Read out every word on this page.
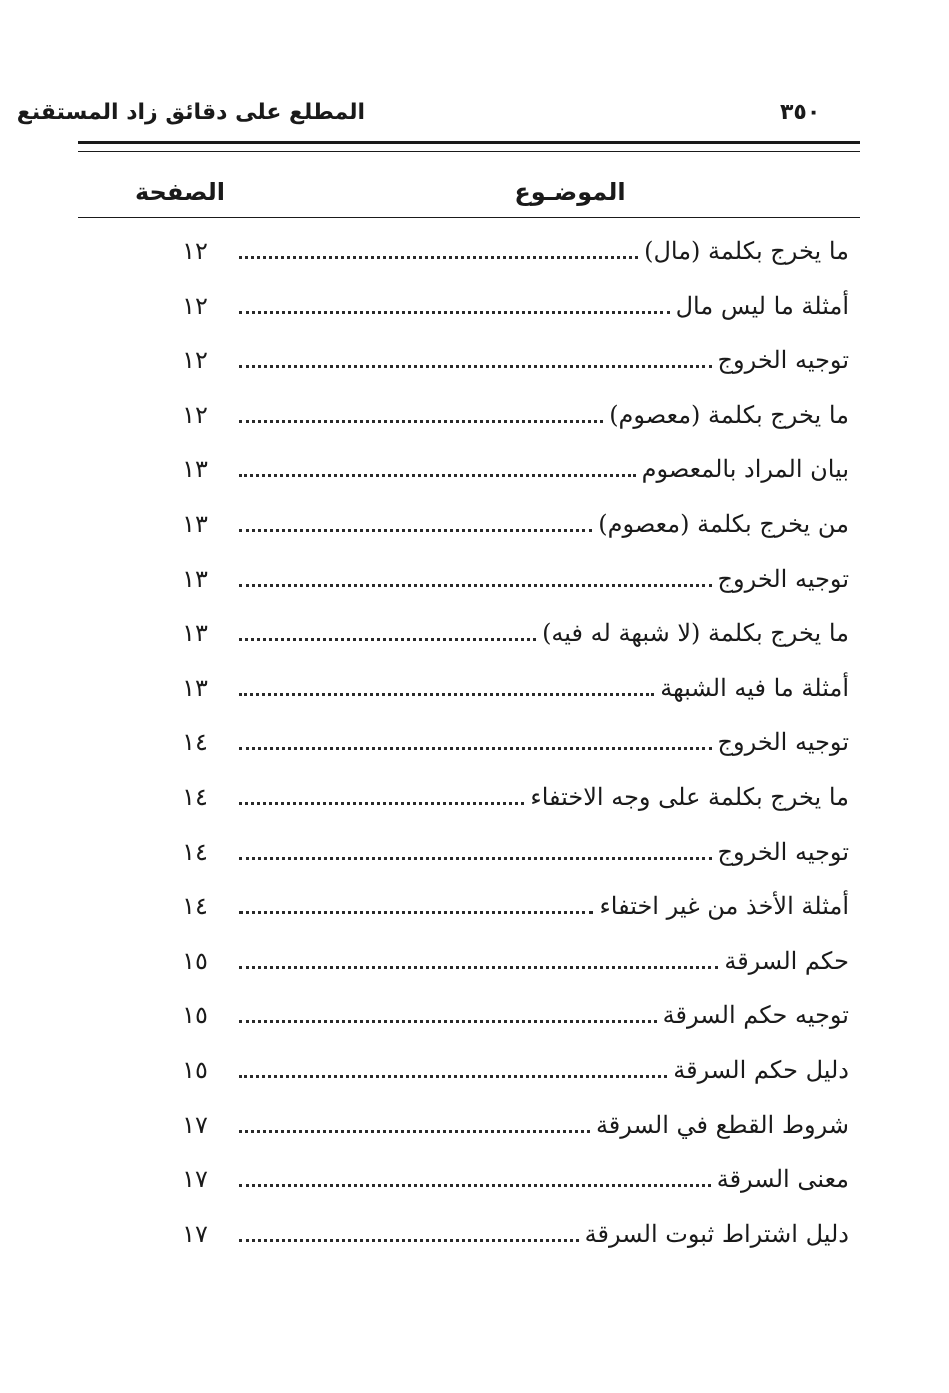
المطلع على دقائق زاد المستقنع	٣٥٠
الموضـوع
الصفحة
ما يخرج بكلمة (مال)
١٢
أمثلة ما ليس مال
١٢
توجيه الخروج
١٢
ما يخرج بكلمة (معصوم)
١٢
بيان المراد بالمعصوم
١٣
من يخرج بكلمة (معصوم)
١٣
توجيه الخروج
١٣
ما يخرج بكلمة (لا شبهة له فيه)
١٣
أمثلة ما فيه الشبهة
١٣
توجيه الخروج
١٤
ما يخرج بكلمة على وجه الاختفاء
١٤
توجيه الخروج
١٤
أمثلة الأخذ من غير اختفاء
١٤
حكم السرقة
١٥
توجيه حكم السرقة
١٥
دليل حكم السرقة
١٥
شروط القطع في السرقة
١٧
معنى السرقة
١٧
دليل اشتراط ثبوت السرقة
١٧
